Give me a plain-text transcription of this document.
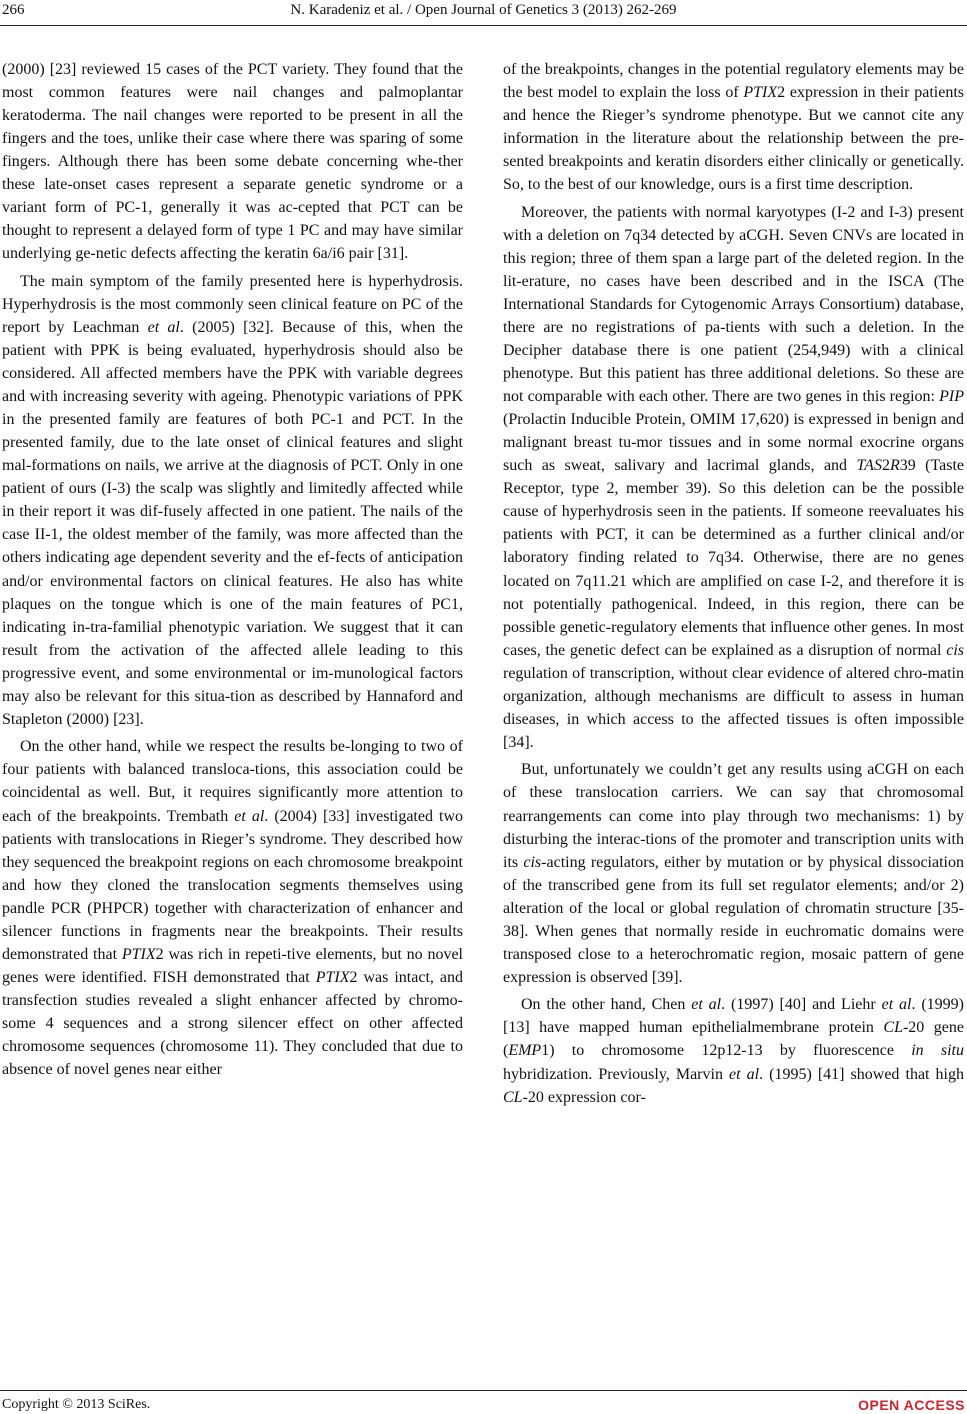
266	N. Karadeniz et al. / Open Journal of Genetics 3 (2013) 262-269

(2000) [23] reviewed 15 cases of the PCT variety. They found that the most common features were nail changes and palmoplantar keratoderma. The nail changes were reported to be present in all the fingers and the toes, unlike their case where there was sparing of some fingers. Although there has been some debate concerning whe-ther these late-onset cases represent a separate genetic syndrome or a variant form of PC-1, generally it was ac-cepted that PCT can be thought to represent a delayed form of type 1 PC and may have similar underlying ge-netic defects affecting the keratin 6a/i6 pair [31].

The main symptom of the family presented here is hyperhydrosis. Hyperhydrosis is the most commonly seen clinical feature on PC of the report by Leachman et al. (2005) [32]. Because of this, when the patient with PPK is being evaluated, hyperhydrosis should also be considered. All affected members have the PPK with variable degrees and with increasing severity with ageing. Phenotypic variations of PPK in the presented family are features of both PC-1 and PCT. In the presented family, due to the late onset of clinical features and slight mal-formations on nails, we arrive at the diagnosis of PCT. Only in one patient of ours (I-3) the scalp was slightly and limitedly affected while in their report it was dif-fusely affected in one patient. The nails of the case II-1, the oldest member of the family, was more affected than the others indicating age dependent severity and the ef-fects of anticipation and/or environmental factors on clinical features. He also has white plaques on the tongue which is one of the main features of PC1, indicating in-tra-familial phenotypic variation. We suggest that it can result from the activation of the affected allele leading to this progressive event, and some environmental or im-munological factors may also be relevant for this situa-tion as described by Hannaford and Stapleton (2000) [23].

On the other hand, while we respect the results be-longing to two of four patients with balanced transloca-tions, this association could be coincidental as well. But, it requires significantly more attention to each of the breakpoints. Trembath et al. (2004) [33] investigated two patients with translocations in Rieger’s syndrome. They described how they sequenced the breakpoint regions on each chromosome breakpoint and how they cloned the translocation segments themselves using pandle PCR (PHPCR) together with characterization of enhancer and silencer functions in fragments near the breakpoints. Their results demonstrated that PTIX2 was rich in repeti-tive elements, but no novel genes were identified. FISH demonstrated that PTIX2 was intact, and transfection studies revealed a slight enhancer affected by chromo-some 4 sequences and a strong silencer effect on other affected chromosome sequences (chromosome 11). They concluded that due to absence of novel genes near either

of the breakpoints, changes in the potential regulatory elements may be the best model to explain the loss of PTIX2 expression in their patients and hence the Rieger’s syndrome phenotype. But we cannot cite any information in the literature about the relationship between the pre-sented breakpoints and keratin disorders either clinically or genetically. So, to the best of our knowledge, ours is a first time description.

Moreover, the patients with normal karyotypes (I-2 and I-3) present with a deletion on 7q34 detected by aCGH. Seven CNVs are located in this region; three of them span a large part of the deleted region. In the lit-erature, no cases have been described and in the ISCA (The International Standards for Cytogenomic Arrays Consortium) database, there are no registrations of pa-tients with such a deletion. In the Decipher database there is one patient (254,949) with a clinical phenotype. But this patient has three additional deletions. So these are not comparable with each other. There are two genes in this region: PIP (Prolactin Inducible Protein, OMIM 17,620) is expressed in benign and malignant breast tu-mor tissues and in some normal exocrine organs such as sweat, salivary and lacrimal glands, and TAS2R39 (Taste Receptor, type 2, member 39). So this deletion can be the possible cause of hyperhydrosis seen in the patients. If someone reevaluates his patients with PCT, it can be determined as a further clinical and/or laboratory finding related to 7q34. Otherwise, there are no genes located on 7q11.21 which are amplified on case I-2, and therefore it is not potentially pathogenical. Indeed, in this region, there can be possible genetic-regulatory elements that influence other genes. In most cases, the genetic defect can be explained as a disruption of normal cis regulation of transcription, without clear evidence of altered chro-matin organization, although mechanisms are difficult to assess in human diseases, in which access to the affected tissues is often impossible [34].

But, unfortunately we couldn’t get any results using aCGH on each of these translocation carriers. We can say that chromosomal rearrangements can come into play through two mechanisms: 1) by disturbing the interac-tions of the promoter and transcription units with its cis-acting regulators, either by mutation or by physical dissociation of the transcribed gene from its full set regulator elements; and/or 2) alteration of the local or global regulation of chromatin structure [35-38]. When genes that normally reside in euchromatic domains were transposed close to a heterochromatic region, mosaic pattern of gene expression is observed [39].

On the other hand, Chen et al. (1997) [40] and Liehr et al. (1999) [13] have mapped human epithelialmembrane protein CL-20 gene (EMP1) to chromosome 12p12-13 by fluorescence in situ hybridization. Previously, Marvin et al. (1995) [41] showed that high CL-20 expression cor-

Copyright © 2013 SciRes.	OPEN ACCESS
